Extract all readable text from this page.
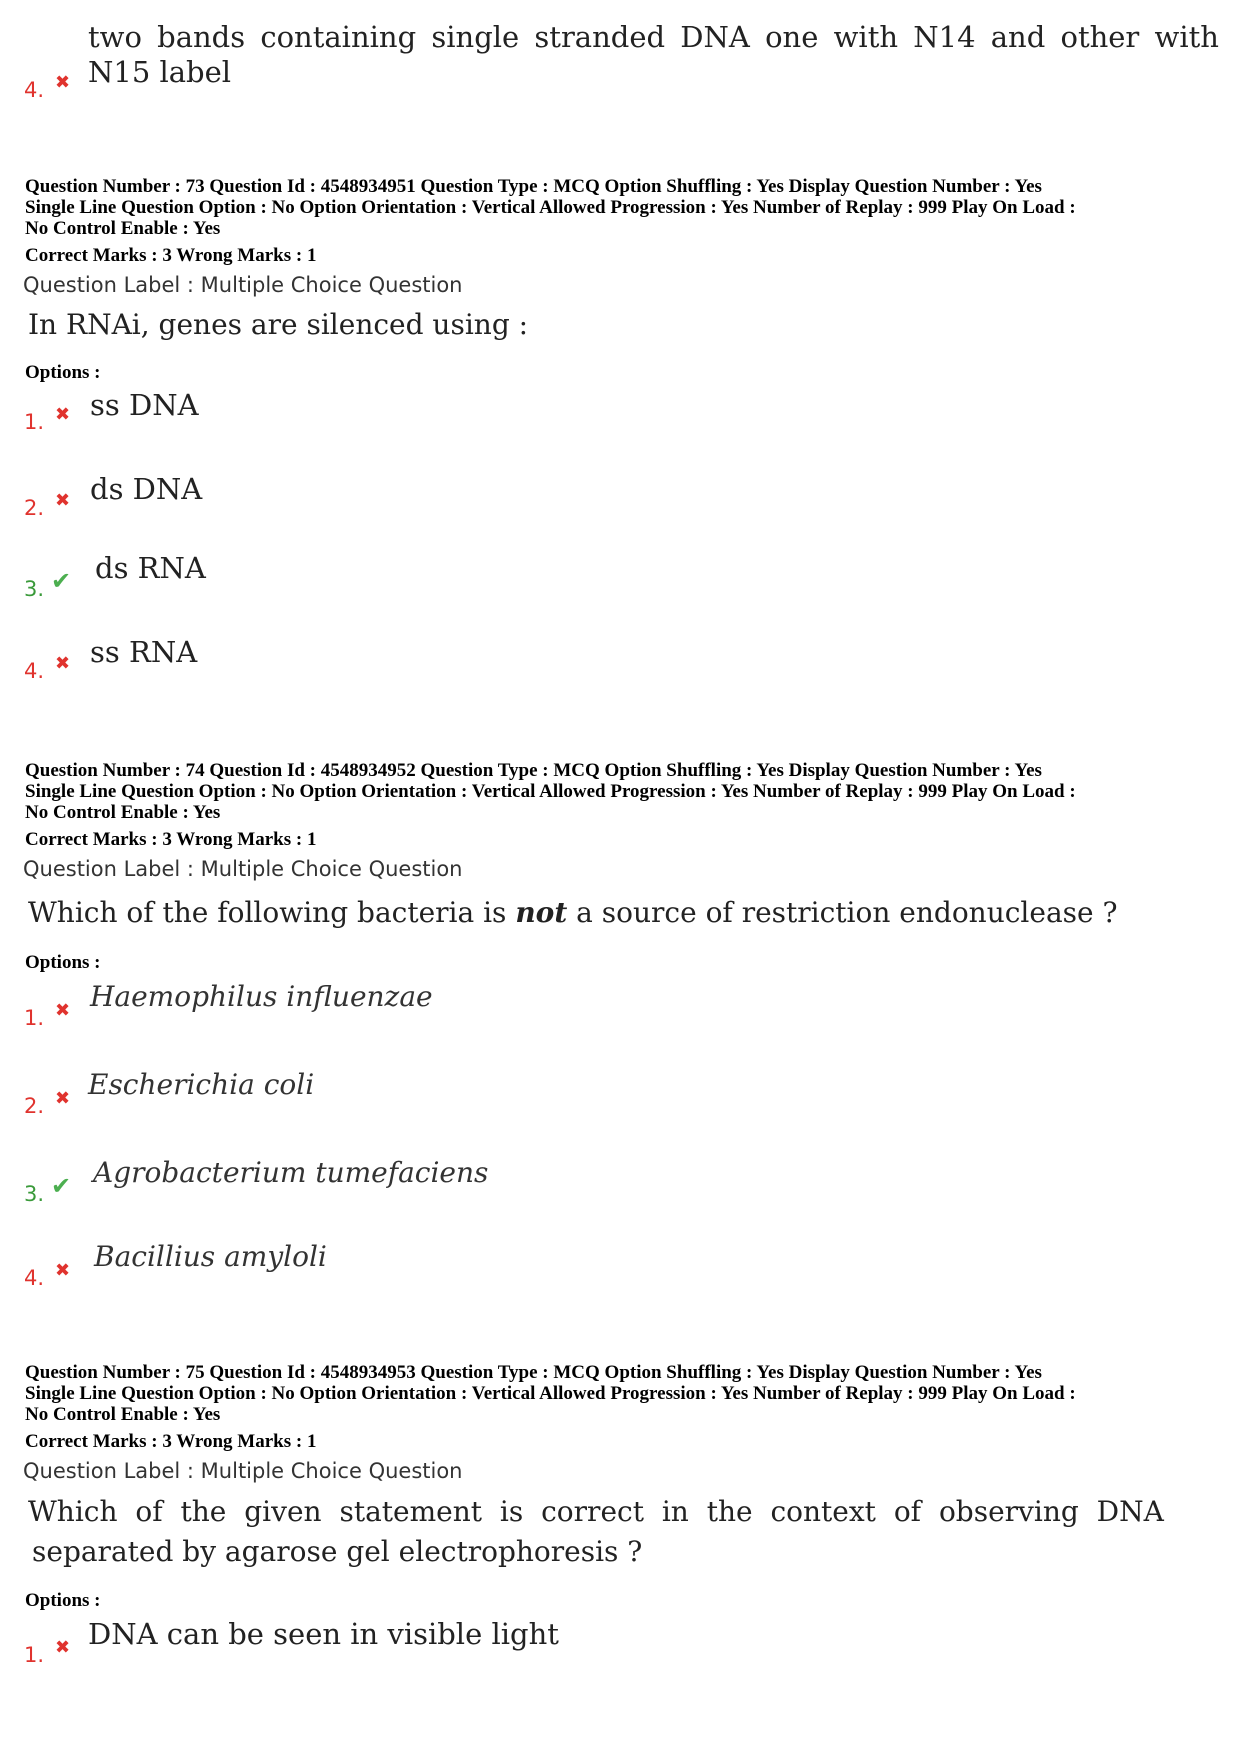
two bands containing single stranded DNA one with N14 and other with
N15 label
4. ✖
Question Number : 73 Question Id : 4548934951 Question Type : MCQ Option Shuffling : Yes Display Question Number : Yes
Single Line Question Option : No Option Orientation : Vertical Allowed Progression : Yes Number of Replay : 999 Play On Load :
No Control Enable : Yes
Correct Marks : 3 Wrong Marks : 1
Question Label : Multiple Choice Question
In RNAi, genes are silenced using :
Options :
ss DNA
1. ✖
ds DNA
2. ✖
ds RNA
3. ✔
ss RNA
4. ✖
Question Number : 74 Question Id : 4548934952 Question Type : MCQ Option Shuffling : Yes Display Question Number : Yes
Single Line Question Option : No Option Orientation : Vertical Allowed Progression : Yes Number of Replay : 999 Play On Load :
No Control Enable : Yes
Correct Marks : 3 Wrong Marks : 1
Question Label : Multiple Choice Question
Which of the following bacteria is not a source of restriction endonuclease ?
Options :
Haemophilus influenzae
1. ✖
Escherichia coli
2. ✖
Agrobacterium tumefaciens
3. ✔
Bacillius amyloli
4. ✖
Question Number : 75 Question Id : 4548934953 Question Type : MCQ Option Shuffling : Yes Display Question Number : Yes
Single Line Question Option : No Option Orientation : Vertical Allowed Progression : Yes Number of Replay : 999 Play On Load :
No Control Enable : Yes
Correct Marks : 3 Wrong Marks : 1
Question Label : Multiple Choice Question
Which of the given statement is correct in the context of observing DNA
separated by agarose gel electrophoresis ?
Options :
DNA can be seen in visible light
1. ✖
